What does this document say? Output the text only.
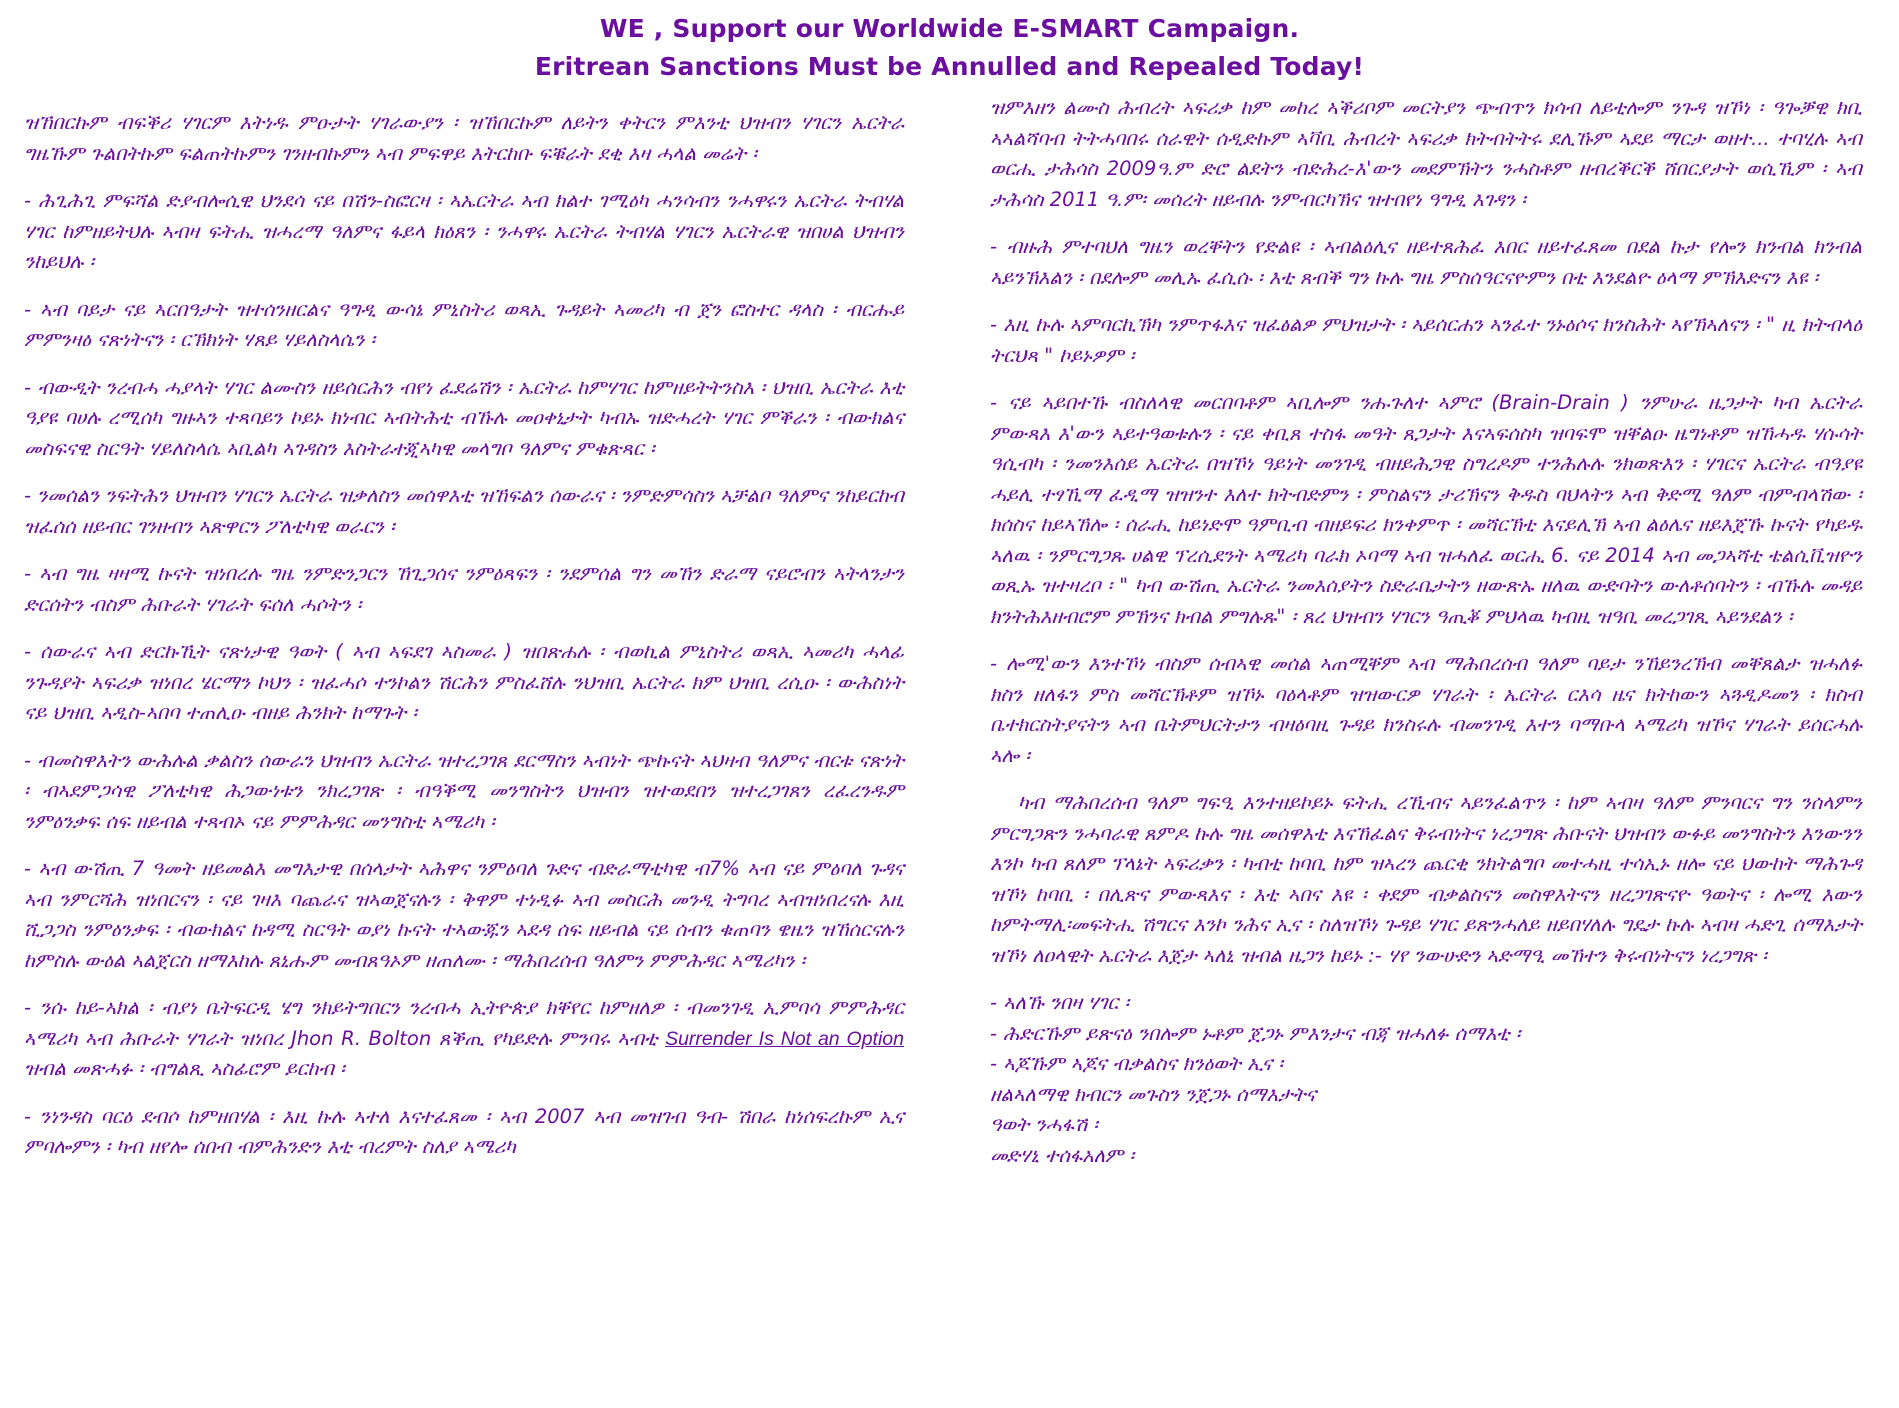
WE , Support our Worldwide E-SMART Campaign.
Eritrean Sanctions Must be Annulled and Repealed Today!

ዝኸበርኩም ብፍቕሪ ሃገርም እትነዱ ምዑታት ሃገራውያን ፡ ዝኸበርኩም ለይትን ቀትርን ምእንቲ ህዝብን ሃገርን ኤርትራ ግዜኹም ጉልበትኩም ፍልጠትኩምን ገንዘብኩምን ኣብ ምፍዋይ እትርከቡ ፍቑራት ደቂ እዛ ሓላል መሬት ፡

- ሕጊሕጊ ምፍሻል ድያብሎሲዊ ህንደሳ ናይ በሽን-ስፎርዛ ፡ ኣኤርትራ ኣብ ክልተ ገሚዕካ ሓንሳብን ንሓዋሩን ኤርትራ ትብሃል ሃገር ከምዘይትህሉ ኣብዛ ፍትሒ ዝሓረማ ዓለምና ፋይላ ክዕጸን ፡ ንሓዋሩ ኤርትራ ትብሃል ሃገርን ኤርትራዊ ዝበሀል ህዝብን ንከይህሉ ፡

- ኣብ ባይታ ናይ ኣርበዓታት ዝተሰንዘርልና ዓግዲ ውሳኔ ምኒስትሪ ወጻኢ ጉዳይት ኣመሪካ ብ ጀን ፎስተር ዳላስ ፡ ብርሑይ ምምንዛዕ ናጽነትናን ፡ ርኽክነት ሃጸይ ሃይለስላሴን ፡

- ብውዲት ንረብሓ ሓያላት ሃገር ልሙስን ዘይሰርሕን ብየነ ፈደሬሽን ፡ ኤርትራ ከምሃገር ከምዘይትትንስእ ፡ ህዝቢ ኤርትራ እቲ ዓያዩ ባሀሉ ረሚሰካ ግዙኣን ተጻባይን ኮይኑ ክነብር ኣብትሕቲ ብኹሉ መዐቀኒታት ካብኡ ዝድሓረት ሃገር ምቕራን ፡ ብውክልና መስፍናዊ ስርዓት ሃይለስላሴ ኣቢልካ ኣገዳስን እስትራተጂኣካዊ መላግቦ ዓለምና ምቁጽጻር ፡

- ንመሰልን ንፍትሕን ህዝብን ሃገርን ኤርትራ ዝቃለስን መሰዋእቲ ዝኸፍልን ሰውራና ፡ ንምድምሳስን ኣቻልቦ ዓለምና ንከይርከብ ዝፈሰሰ ዘይብር ገንዘብን ኣጽዋርን ፖለቲካዊ ወራርን ፡

- ኣብ ግዜ ዛዛሚ ኩናት ዝነበረሉ ግዜ ንምድንጋርን ኸጊጋሰና ንምዕጻፍን ፡ ንደምሰል ግን መኸን ድራማ ናይሮብን ኣትላንታን ድርሰትን ብስም ሕቡራት ሃገራት ፍሰለ ሓሶትን ፡

- ሰውራና ኣብ ድርኩኺት ናጽነታዊ ዓወት ( ኣብ ኣፍደገ ኣስመራ ) ዝበጽሐሉ ፡ ብወኪል ምኒስትሪ ወጻኢ ኣመሪካ ሓላፊ ንጉዳያት ኣፍሪቃ ዝነበረ ሄርማን ኮህን ፡ ዝፈሓሶ ተንኮልን ሽርሕን ምስፈሸሉ ንህዝቢ ኤርትራ ክም ህዝቢ ረሲዑ ፡ ውሕስነት ናይ ህዝቢ ኣዲስ-ኣበባ ተጠሊዑ ብዘይ ሕንክት ከማጉት ፡

- ብመስዋእትን ውሕሉል ቃልስን ሰውራን ህዝብን ኤርትራ ዝተረጋገጸ ደርማስን ኣብነት ጭኩናት ኣህዛብ ዓለምና ብርቱ ናጽነት ፡ ብኣደምጋሳዊ ፖለቲካዊ ሕጋውነቱን ንክረጋገጽ ፡ ብዓቕሚ መንግስትን ህዝብን ዝተወደበን ዝተረጋገጸን ረፈረንዱም ንምዕንቃፍ ሰፍ ዘይብል ተጻብኦ ናይ ምምሕዳር መንግስቲ ኣሜሪካ ፡

- ኣብ ውሽጢ 7 ዓመት ዘይመልእ መግእታዊ በሰላታት ኣሕዋና ንምዕባለ ጉድና ብድራማቲካዊ ብ7% ኣብ ናይ ምዕባለ ጉዳና ኣብ ንምርሻሕ ዝነበርናን ፡ ናይ ገዛእ ባጨራና ዝኣወጀናሉን ፡ ቅዋም ተነዲፉ ኣብ መስርሕ መንዲ ትግባረ ኣብዝነበረናሉ እዚ ሺጋጋስ ንምዕንቃፍ ፡ ብውክልና ከዳሚ ስርዓት ወያነ ኩናት ተኣውጁን ኣደዳ ሰፍ ዘይብል ናይ ሰብን ቁጠባን ዌዜን ዝኸሰርናሉን ከምስሉ ውዕል ኣልጀርስ ዘማእከሉ ጸኒሑም መብጸዓኦም ዘጠለሙ ፡ ማሕበረሰብ ዓለምን ምምሕዳር ኣሜሪካን ፡

- ንሱ ከይ-ኣክል ፡ ብያነ ቤትፍርዲ ሄግ ንክይትግበርን ንረብሓ ኢትዮጵያ ክቐየር ከምዘለዎ ፡ ብመንገዲ ኢምባሳ ምምሕዳር ኣሜሪካ ኣብ ሕቡራት ሃገራት ዝነበረ Jhon R. Bolton ጸቕጢ የካይድሉ ምንባሩ ኣብቲ Surrender Is Not an Option ዝብል መጽሓፉ ፡ ብግልጺ ኣስፊሮም ይርከብ ፡

- ንነንዳስ ባርዕ ደብሶ ከምዘበሃል ፡ እዚ ኩሉ ኣተለ እናተፈጸመ ፡ ኣብ 2007 ኣብ መዝገብ ዓብ- ሽበራ ከነሰፍረኩም ኢና ምባሎምን ፡ ካብ ዘየሎ ሰበብ ብምሕንድን እቲ ብረምት ስለያ ኣሜሪካ

ዝምእዘን ልሙስ ሕብረት ኣፍሪቃ ከም መከረ ኣቕሪቦም መርትያን ጭብጥን ክሳብ ለይቲሎም ንጉዳ ዝኾነ ፡ ዓጐቓዊ ክቢ ኣኣልሻባብ ትትሓባበሩ ሰራዊት ሰዲድኩም ኣቫቢ ሕብረት ኣፍሪቃ ክትብትትሩ ደሊኹም ኣደይ ማርታ ወዘተ... ተባሂሉ ኣብ ወርሒ ታሕሳስ 2009ዓ.ም ድሮ ልደትን ብድሕረ-እ'ውን መደምኽትን ንሓስቶም ዘብረቕርቕ ሸበርያታት ወሲኺም ፡ ኣብ ታሕሳስ 2011 ዓ.ም፡ መሰረት ዘይብሉ ንምብርካኽና ዝተበየነ ዓግዲ እገዳን ፡

- ብዙሕ ምተባህለ ግዜን ወረቐትን የድልዩ ፡ ኣብልዕሊና ዘይተጸሕፈ እበር ዘይተፈጸመ በደል ኩታ የሎን ክንብል ክንብል ኣይንኽእልን ፡ በደሎም መሊኡ ፈሲሱ ፡ እቲ ጸብቕ ግን ኩሉ ግዜ ምስሰዓርናዮምን በቲ እንደልዮ ዕላማ ምኽእድናን እዩ ፡

- እዚ ኩሉ ኣምባርኪኽካ ንምጥፋእና ዝፈፅልዎ ምህዝታት ፡ ኣይሰርሐን ኣንፈተ ንኑዕሶና ክንስሕት ኣየኽኣለናን ፡ " ዚ ክትብላዕ ትርህጻ " ኮይኑዎም ፡

- ናይ ኣይበተኹ ብስለላዊ መርበባቶም ኣቢሎም ንሑጉለተ ኣምሮ (Brain-Drain ) ንምሁራ ዜጋታት ካብ ኤርትራ ምውጻእ እ'ውን ኣይተዓወቱሉን ፡ ናይ ቀቢጸ ተስፋ መዓት ጸጋታት እናኣፍሰስካ ዝባፍሞ ዝቐልዑ ዜግነቶም ዝኸሓዱ ሃሱሳት ዓሲብካ ፡ ንመንእሰይ ኤርትራ በዝኾነ ዓይነት መንገዲ ብዘይሕጋዊ ስግረዶም ተንሕሉሉ ንክወጽእን ፡ ሃገርና ኤርትራ ብዓያዩ ሓይሊ ተፃኺማ ፈዲማ ዝዝንተ እለተ ክትብድምን ፡ ምስልናን ታሪኽናን ቅዱስ ባህላትን ኣብ ቅድሚ ዓለም ብምብላሽው ፡ ክሰስና ከይኣኸሎ ፡ ሰራሒ ከይነድሞ ዓምቢብ ብዘይፍሪ ክንቀምጥ ፡ መሻርኽቲ እናይሊኽ ኣብ ልዕሌና ዘይእጀኹ ኩናት የካይዱ ኣለዉ ፡ ንምርግጋጹ ሀልዊ ፕረሲደንት ኣሜሪካ ባራክ ኦባማ ኣብ ዝሓለፈ ወርሒ 6. ናይ 2014 ኣብ መጋኣሻቲ ቴልሲቪዝዮን ወጺኡ ዝተዛረቦ ፡ " ካብ ውሽጢ ኤርትራ ንመእሰያትን ስድራቤታትን ዘውጽኡ ዘለዉ ውድባትን ውለቶሰባትን ፡ ብኹሉ መዳይ ክንትሕእዘብሮም ምኽንና ክብል ምግሉጹ" ፡ ጸረ ህዝብን ሃገርን ዓጢቖ ምህላዉ ካብዚ ዝዓቢ መረጋገጺ ኣይንደልን ፡

- ሎሚ'ውን እንተኾነ ብስም ሰብኣዊ መሰል ኣጠሚቐም ኣብ ማሕበረሰብ ዓለም ባይታ ንኸይንረኽብ መቐጸልታ ዝሓለፉ ክስን ዘለፋን ምስ መሻርኽቶም ዝኾኑ ባዕላቶም ዝዝውርዎ ሃገራት ፡ ኤርትራ ርእሳ ዜና ክትከውን ኣጓዲዶመን ፡ ክስብ ቤተክርስትያናትን ኣብ ቤትምህርትታን ብዛዕባዚ ጉዳይ ክንስሩሉ ብመንገዲ እተን ባማቡላ ኣሜሪካ ዝኾና ሃገራት ይሰርሓሉ ኣሎ ፡

ካብ ማሕበረሰብ ዓለም ግፍዒ እንተዘይኮይኑ ፍትሒ ረኺብና ኣይንፈልጥን ፡ ከም ኣብዛ ዓለም ምንባርና ግን ንሰላምን ምርግጋጽን ንሓባራዊ ጸምዶ ኩሉ ግዜ መሰዋእቲ እናኸፈልና ቅሩብነትና ነረጋግጽ ሕቡናት ህዝብን ውፉይ መንግስትን እንውንን እንኮ ካብ ጸለም ፕላኔት ኣፍሪቃን ፡ ካብቲ ከባቢ ከም ዝኣረን ጨርቂ ንክትልግቦ መተሓዚ ተሳኢኑ ዘሎ ናይ ህውከት ማሕጉዳ ዝኾነ ከባቢ ፡ በሊጽና ምውጻእና ፡ እቲ ኣበና እዩ ፡ ቀደም ብቃልስናን መስዋእትናን ዘረጋገጽናዮ ዓወትና ፡ ሎሚ እውን ከምትማሊ፡መፍትሒ ሽግርና እንኮ ንሕና ኢና ፡ ስለዝኾነ ጉዳይ ሃገር ይጽንሓለይ ዘይበሃለሉ ግዴታ ኩሉ ኣብዛ ሓድጊ ሰማእታት ዝኾነ ለዐላዊት ኤርትራ እጀታ ኣለኒ ዝብል ዜጋን ከይኑ :- ሃየ ንውሁድን ኣድማዒ መኸተን ቅሩብነትናን ነረጋግጽ ፡

- ኣለኹ ንበዛ ሃገር ፡

- ሕድርኹም ይጽናዕ ንበሎም ኑቶም ጀጋኑ ምእንታና ብጃ ዝሓለፉ ሰማእቲ ፡

- ኣጆኹም ኣጆና ብቃልስና ክንዕወት ኢና ፡

ዘልኣለማዊ ክብርን መጉስን ንጀጋኑ ሰማእታትና

ዓወት ንሓፋሽ ፡

መድሃኒ ተሰፋአለም ፡
